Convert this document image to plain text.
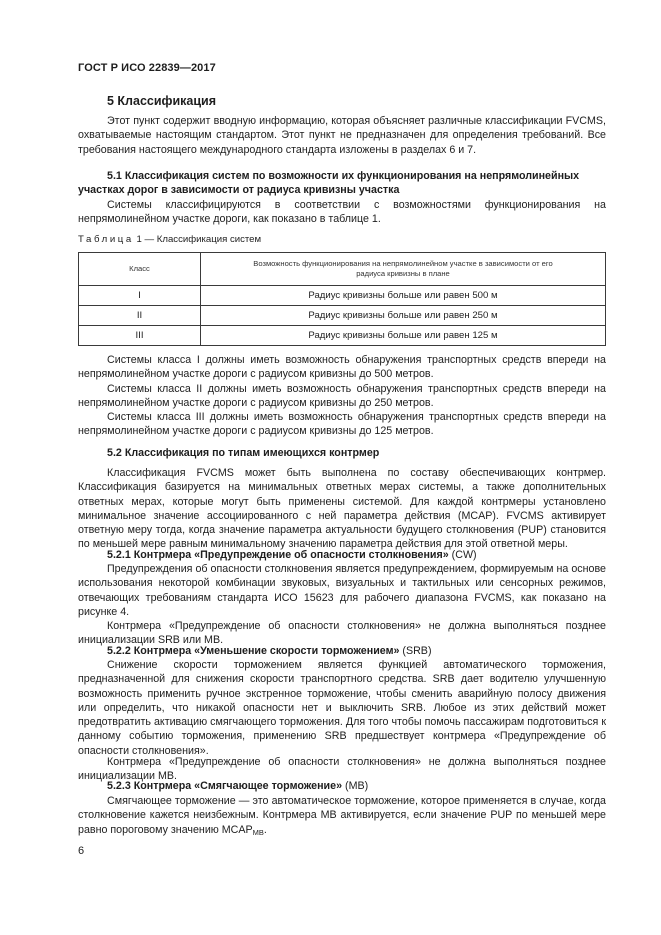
ГОСТ Р ИСО 22839—2017
5 Классификация

Этот пункт содержит вводную информацию, которая объясняет различные классификации FVCMS, охватываемые настоящим стандартом. Этот пункт не предназначен для определения требований. Все требования настоящего международного стандарта изложены в разделах 6 и 7.

5.1 Классификация систем по возможности их функционирования на непрямолинейных участках дорог в зависимости от радиуса кривизны участка

Системы классифицируются в соответствии с возможностями функционирования на непрямолинейном участке дороги, как показано в таблице 1.

Таблица 1 — Классификация систем
Класс	Возможность функционирования на непрямолинейном участке в зависимости от его радиуса кривизны в плане

I	Радиус кривизны больше или равен 500 м
II	Радиус кривизны больше или равен 250 м
III	Радиус кривизны больше или равен 125 м

Системы класса I должны иметь возможность обнаружения транспортных средств впереди на непрямолинейном участке дороги с радиусом кривизны до 500 метров.

Системы класса II должны иметь возможность обнаружения транспортных средств впереди на непрямолинейном участке дороги с радиусом кривизны до 250 метров.

Системы класса III должны иметь возможность обнаружения транспортных средств впереди на непрямолинейном участке дороги с радиусом кривизны до 125 метров.

5.2 Классификация по типам имеющихся контрмер

Классификация FVCMS может быть выполнена по составу обеспечивающих контрмер. Классификация базируется на минимальных ответных мерах системы, а также дополнительных ответных мерах, которые могут быть применены системой. Для каждой контрмеры установлено минимальное значение ассоциированного с ней параметра действия (MCAP). FVCMS активирует ответную меру тогда, когда значение параметра актуальности будущего столкновения (PUP) становится по меньшей мере равным минимальному значению параметра действия для этой ответной меры.

5.2.1 Контрмера «Предупреждение об опасности столкновения» (CW)

Предупреждения об опасности столкновения является предупреждением, формируемым на основе использования некоторой комбинации звуковых, визуальных и тактильных или сенсорных режимов, отвечающих требованиям стандарта ИСО 15623 для рабочего диапазона FVCMS, как показано на рисунке 4.

Контрмера «Предупреждение об опасности столкновения» не должна выполняться позднее инициализации SRB или MB.

5.2.2 Контрмера «Уменьшение скорости торможением» (SRB)

Снижение скорости торможением является функцией автоматического торможения, предназначенной для снижения скорости транспортного средства. SRB дает водителю улучшенную возможность применить ручное экстренное торможение, чтобы сменить аварийную полосу движения или определить, что никакой опасности нет и выключить SRB. Любое из этих действий может предотвратить активацию смягчающего торможения. Для того чтобы помочь пассажирам подготовиться к данному событию торможения, применению SRB предшествует контрмера «Предупреждение об опасности столкновения».

Контрмера «Предупреждение об опасности столкновения» не должна выполняться позднее инициализации MB.

5.2.3 Контрмера «Смягчающее торможение» (MB)

Смягчающее торможение — это автоматическое торможение, которое применяется в случае, когда столкновение кажется неизбежным. Контрмера MB активируется, если значение PUP по меньшей мере равно пороговому значению $MCAP_{MB}$.

6
